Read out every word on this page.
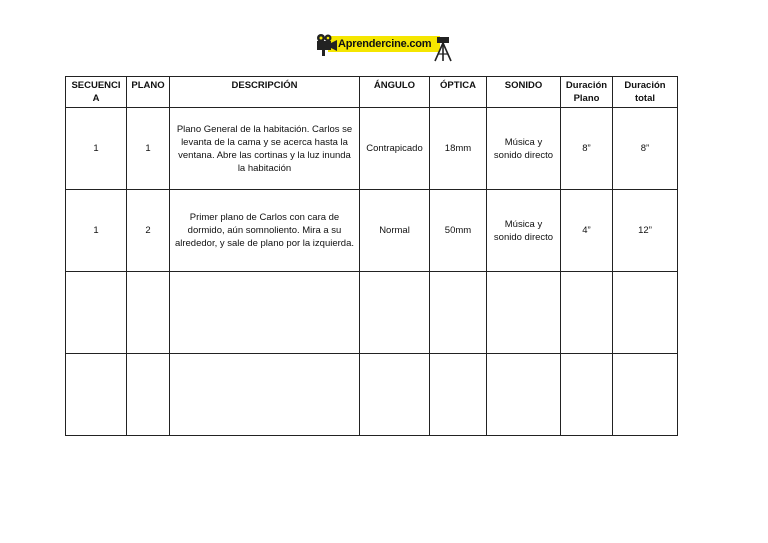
Aprendercine.com
SECUENCI A	PLANO	DESCRIPCIÓN	ÁNGULO	ÓPTICA	SONIDO	Duración Plano	Duración total
1	1	Plano General de la habitación. Carlos se levanta de la cama y se acerca hasta la ventana. Abre las cortinas y la luz inunda la habitación	Contrapicado	18mm	Música y sonido directo	8”	8”
1	2	Primer plano de Carlos con cara de dormido, aún somnoliento. Mira a su alrededor, y sale de plano por la izquierda.	Normal	50mm	Música y sonido directo	4”	12”
